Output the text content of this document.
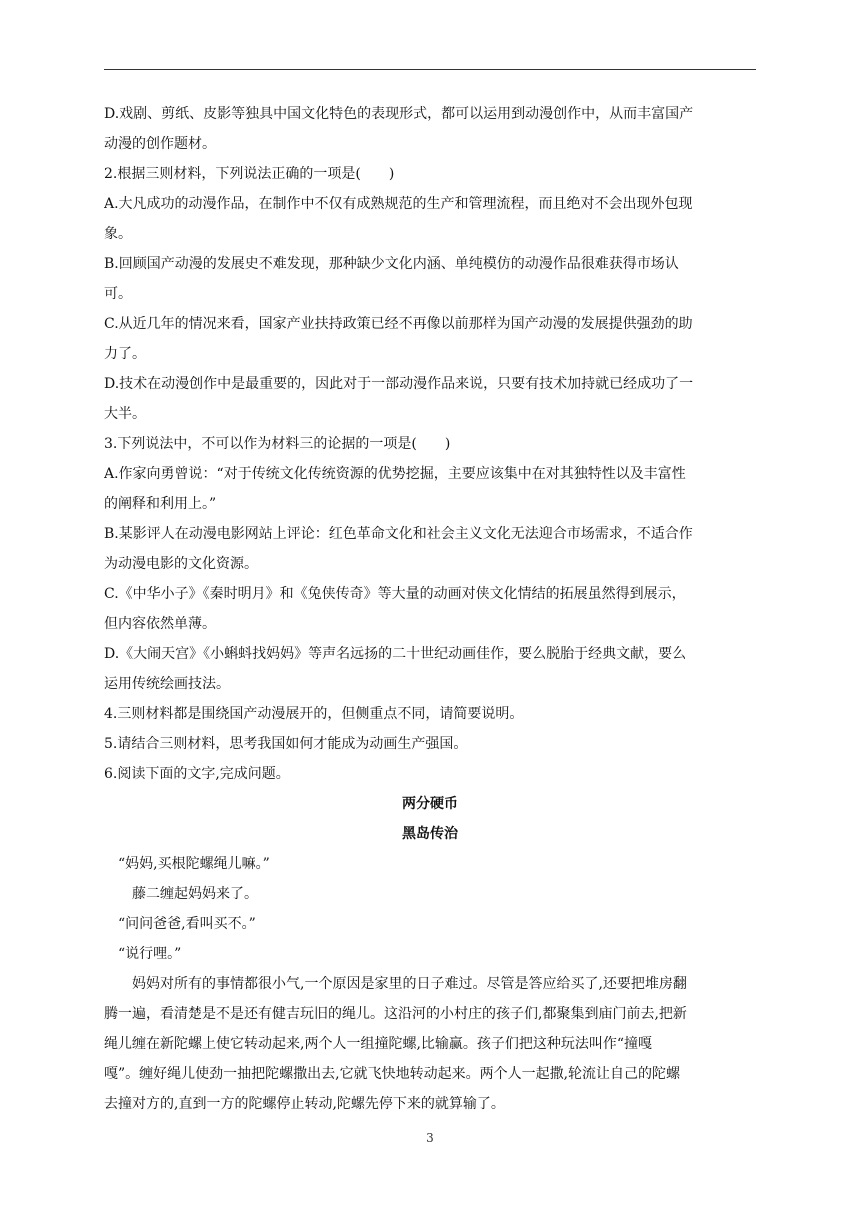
D.戏剧、剪纸、皮影等独具中国文化特色的表现形式，都可以运用到动漫创作中，从而丰富国产
动漫的创作题材。
2.根据三则材料，下列说法正确的一项是(　　)
A.大凡成功的动漫作品，在制作中不仅有成熟规范的生产和管理流程，而且绝对不会出现外包现
象。
B.回顾国产动漫的发展史不难发现，那种缺少文化内涵、单纯模仿的动漫作品很难获得市场认
可。
C.从近几年的情况来看，国家产业扶持政策已经不再像以前那样为国产动漫的发展提供强劲的助
力了。
D.技术在动漫创作中是最重要的，因此对于一部动漫作品来说，只要有技术加持就已经成功了一
大半。
3.下列说法中，不可以作为材料三的论据的一项是(　　)
A.作家向勇曾说：“对于传统文化传统资源的优势挖掘，主要应该集中在对其独特性以及丰富性
的阐释和利用上。”
B.某影评人在动漫电影网站上评论：红色革命文化和社会主义文化无法迎合市场需求，不适合作
为动漫电影的文化资源。
C.《中华小子》《秦时明月》和《兔侠传奇》等大量的动画对侠文化情结的拓展虽然得到展示，
但内容依然单薄。
D.《大闹天宫》《小蝌蚪找妈妈》等声名远扬的二十世纪动画佳作，要么脱胎于经典文献，要么
运用传统绘画技法。
4.三则材料都是围绕国产动漫展开的，但侧重点不同，请简要说明。
5.请结合三则材料，思考我国如何才能成为动画生产强国。
6.阅读下面的文字,完成问题。
两分硬币
黑岛传治
“妈妈,买根陀螺绳儿嘛。”
藤二缠起妈妈来了。
“问问爸爸,看叫买不。”
“说行哩。”
妈妈对所有的事情都很小气,一个原因是家里的日子难过。尽管是答应给买了,还要把堆房翻
腾一遍，看清楚是不是还有健吉玩旧的绳儿。这沿河的小村庄的孩子们,都聚集到庙门前去,把新
绳儿缠在新陀螺上使它转动起来,两个人一组撞陀螺,比输赢。孩子们把这种玩法叫作“撞嘎
嘎”。缠好绳儿使劲一抽把陀螺撒出去,它就飞快地转动起来。两个人一起撒,轮流让自己的陀螺
去撞对方的,直到一方的陀螺停止转动,陀螺先停下来的就算输了。
3
